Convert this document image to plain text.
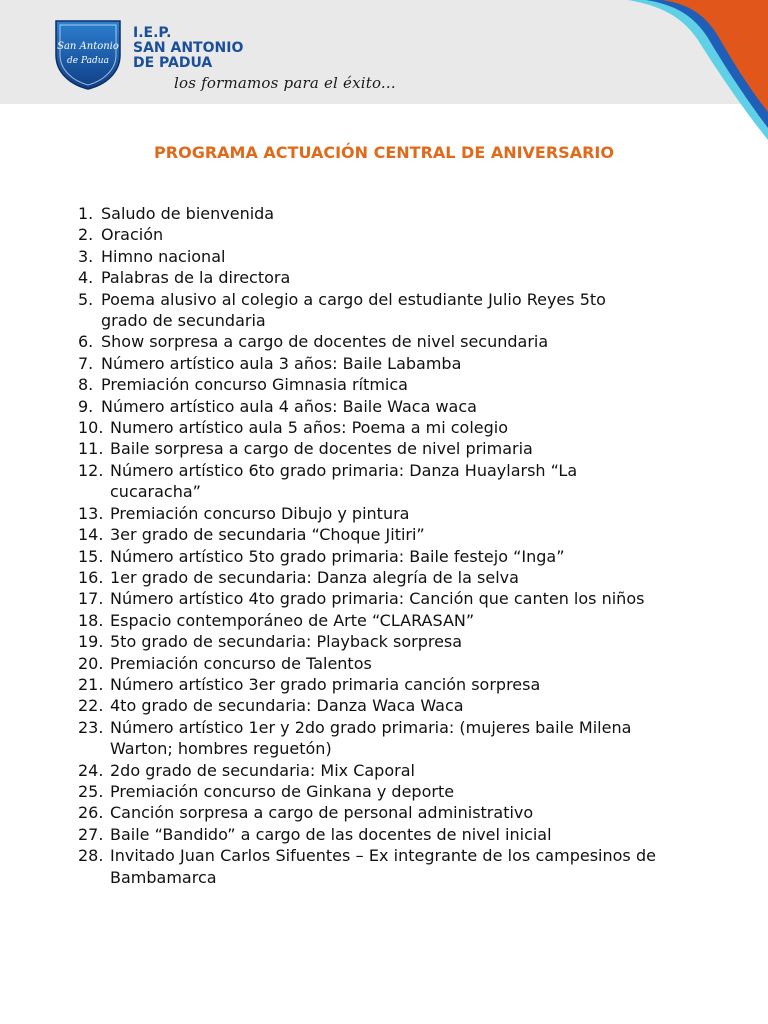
San Antonio
de Padua
I.E.P.
SAN ANTONIO
DE PADUA
los formamos para el éxito...
PROGRAMA ACTUACIÓN CENTRAL DE ANIVERSARIO
1. Saludo de bienvenida
2. Oración
3. Himno nacional
4. Palabras de la directora
5. Poema alusivo al colegio a cargo del estudiante Julio Reyes 5to grado de secundaria
6. Show sorpresa a cargo de docentes de nivel secundaria
7. Número artístico aula 3 años: Baile Labamba
8. Premiación concurso Gimnasia rítmica
9. Número artístico aula 4 años: Baile Waca waca
10. Numero artístico aula 5 años: Poema a mi colegio
11. Baile sorpresa a cargo de docentes de nivel primaria
12. Número artístico 6to grado primaria: Danza Huaylarsh “La cucaracha”
13. Premiación concurso Dibujo y pintura
14. 3er grado de secundaria “Choque Jitiri”
15. Número artístico 5to grado primaria: Baile festejo “Inga”
16. 1er grado de secundaria: Danza alegría de la selva
17. Número artístico 4to grado primaria: Canción que canten los niños
18. Espacio contemporáneo de Arte “CLARASAN”
19. 5to grado de secundaria: Playback sorpresa
20. Premiación concurso de Talentos
21. Número artístico 3er grado primaria canción sorpresa
22. 4to grado de secundaria: Danza Waca Waca
23. Número artístico 1er y 2do grado primaria: (mujeres baile Milena Warton; hombres reguetón)
24. 2do grado de secundaria: Mix Caporal
25. Premiación concurso de Ginkana y deporte
26. Canción sorpresa a cargo de personal administrativo
27. Baile “Bandido” a cargo de las docentes de nivel inicial
28. Invitado Juan Carlos Sifuentes – Ex integrante de los campesinos de Bambamarca
